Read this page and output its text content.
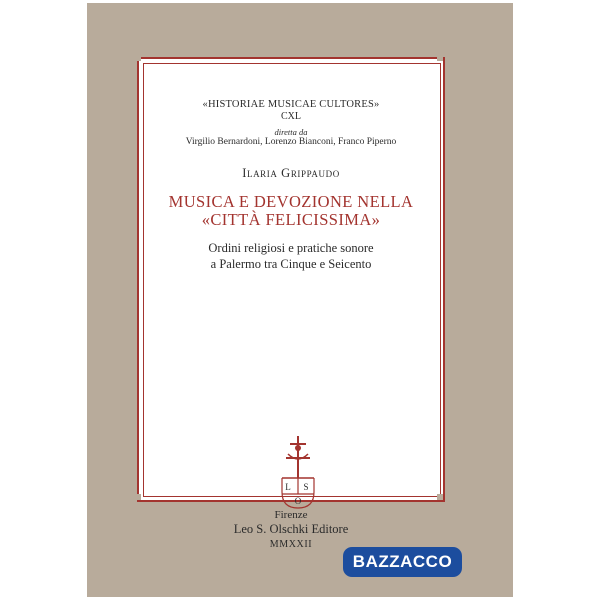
«HISTORIAE MUSICAE CULTORES»
CXL
diretta da
Virgilio Bernardoni, Lorenzo Bianconi, Franco Piperno
Ilaria Grippaudo
MUSICA E DEVOZIONE NELLA
«CITTÀ FELICISSIMA»
Ordini religiosi e pratiche sonore
a Palermo tra Cinque e Seicento
L S
O
Firenze
Leo S. Olschki Editore
MMXXII
BAZZACCO
